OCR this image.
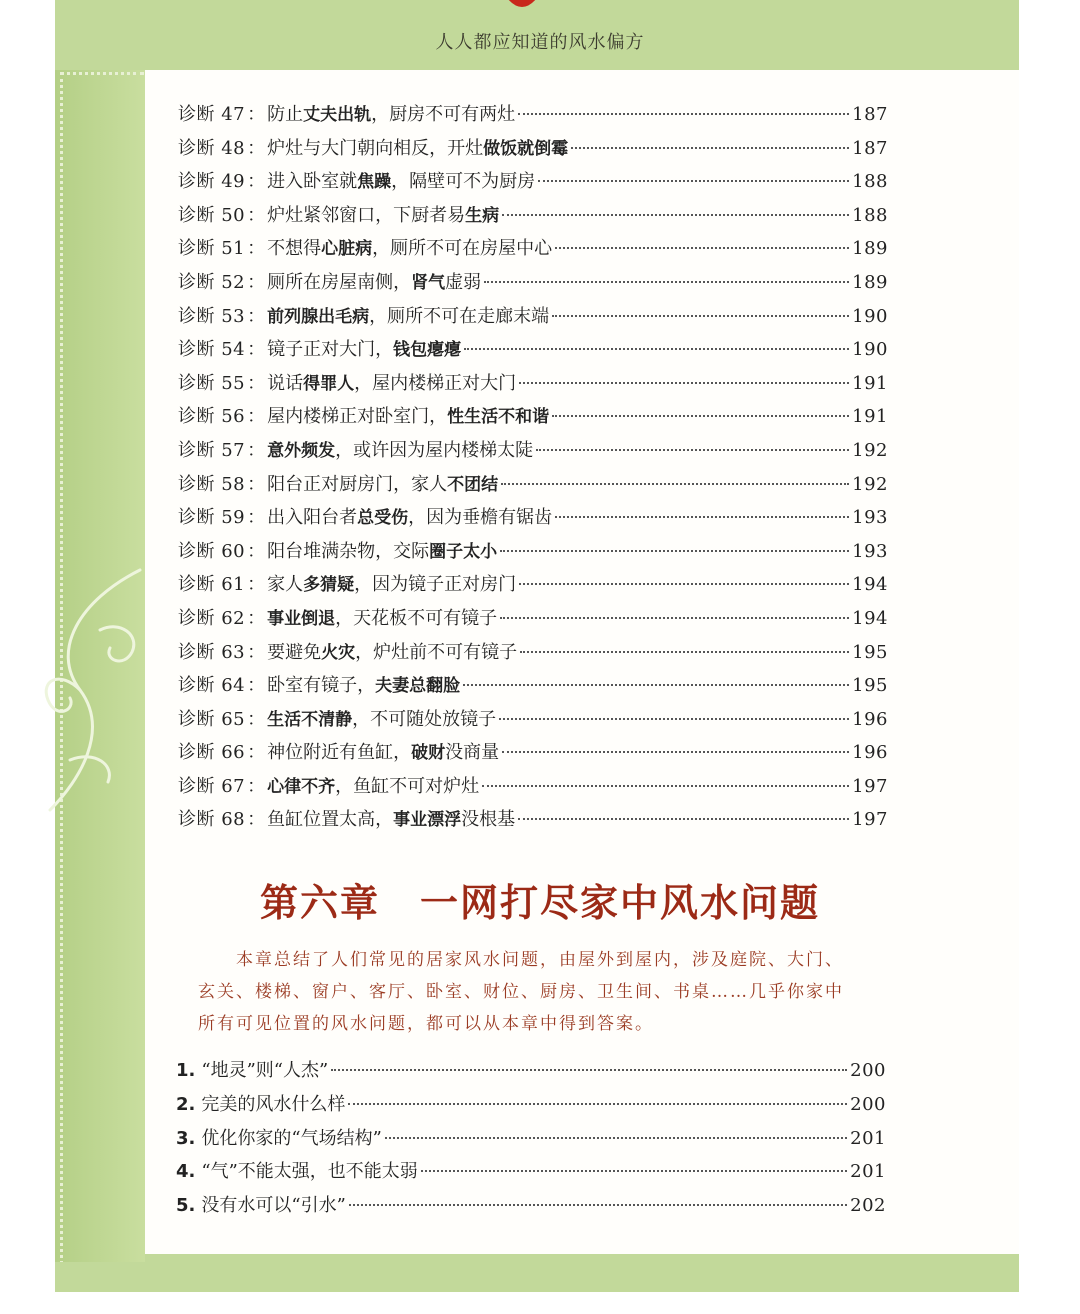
人人都应知道的风水偏方
诊断 47 ： 防止丈夫出轨，厨房不可有两灶	187
诊断 48 ： 炉灶与大门朝向相反，开灶做饭就倒霉	187
诊断 49 ： 进入卧室就焦躁，隔壁可不为厨房	188
诊断 50 ： 炉灶紧邻窗口，下厨者易生病	188
诊断 51 ： 不想得心脏病，厕所不可在房屋中心	189
诊断 52 ： 厕所在房屋南侧，肾气虚弱	189
诊断 53 ： 前列腺出毛病，厕所不可在走廊末端	190
诊断 54 ： 镜子正对大门，钱包瘪瘪	190
诊断 55 ： 说话得罪人，屋内楼梯正对大门	191
诊断 56 ： 屋内楼梯正对卧室门，性生活不和谐	191
诊断 57 ： 意外频发，或许因为屋内楼梯太陡	192
诊断 58 ： 阳台正对厨房门，家人不团结	192
诊断 59 ： 出入阳台者总受伤，因为垂檐有锯齿	193
诊断 60 ： 阳台堆满杂物，交际圈子太小	193
诊断 61 ： 家人多猜疑，因为镜子正对房门	194
诊断 62 ： 事业倒退，天花板不可有镜子	194
诊断 63 ： 要避免火灾，炉灶前不可有镜子	195
诊断 64 ： 卧室有镜子，夫妻总翻脸	195
诊断 65 ： 生活不清静，不可随处放镜子	196
诊断 66 ： 神位附近有鱼缸，破财没商量	196
诊断 67 ： 心律不齐，鱼缸不可对炉灶	197
诊断 68 ： 鱼缸位置太高，事业漂浮没根基	197
第六章 一网打尽家中风水问题
本章总结了人们常见的居家风水问题，由屋外到屋内，涉及庭院、大门、
玄关、楼梯、窗户、客厅、卧室、财位、厨房、卫生间、书桌……几乎你家中
所有可见位置的风水问题，都可以从本章中得到答案。
1. “地灵”则“人杰”	200
2. 完美的风水什么样	200
3. 优化你家的“气场结构”	201
4. “气”不能太强，也不能太弱	201
5. 没有水可以“引水”	202
